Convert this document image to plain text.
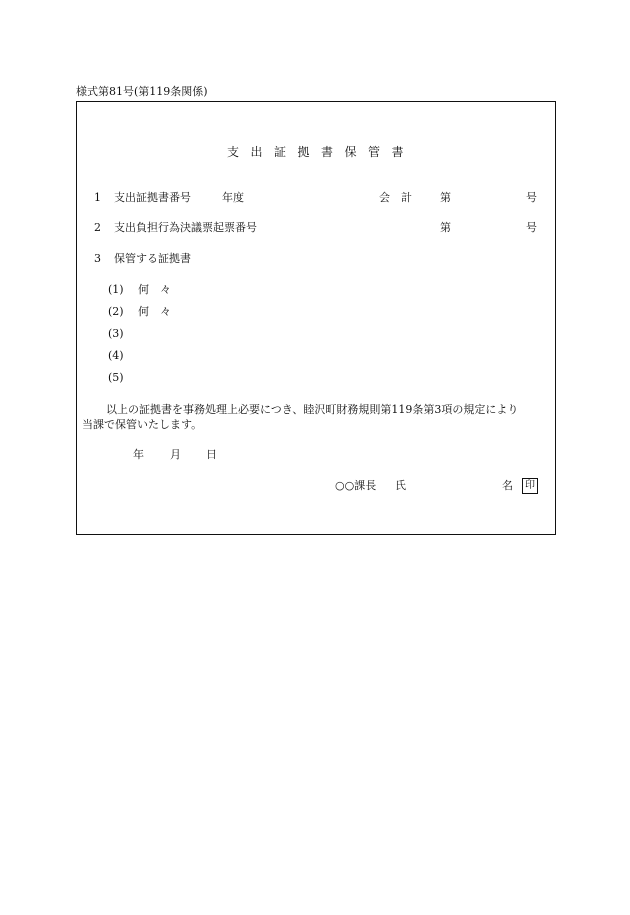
様式第81号(第119条関係)
支出証拠書保管書
1 支出証拠書番号	年度	会　計	第	号
2 支出負担行為決議票起票番号	第	号
3 保管する証拠書
(1) 何　々
(2) 何　々
(3)
(4)
(5)
以上の証拠書を事務処理上必要につき、睦沢町財務規則第119条第3項の規定により
当課で保管いたします。
年 月 日
○○課長 氏	名	印
